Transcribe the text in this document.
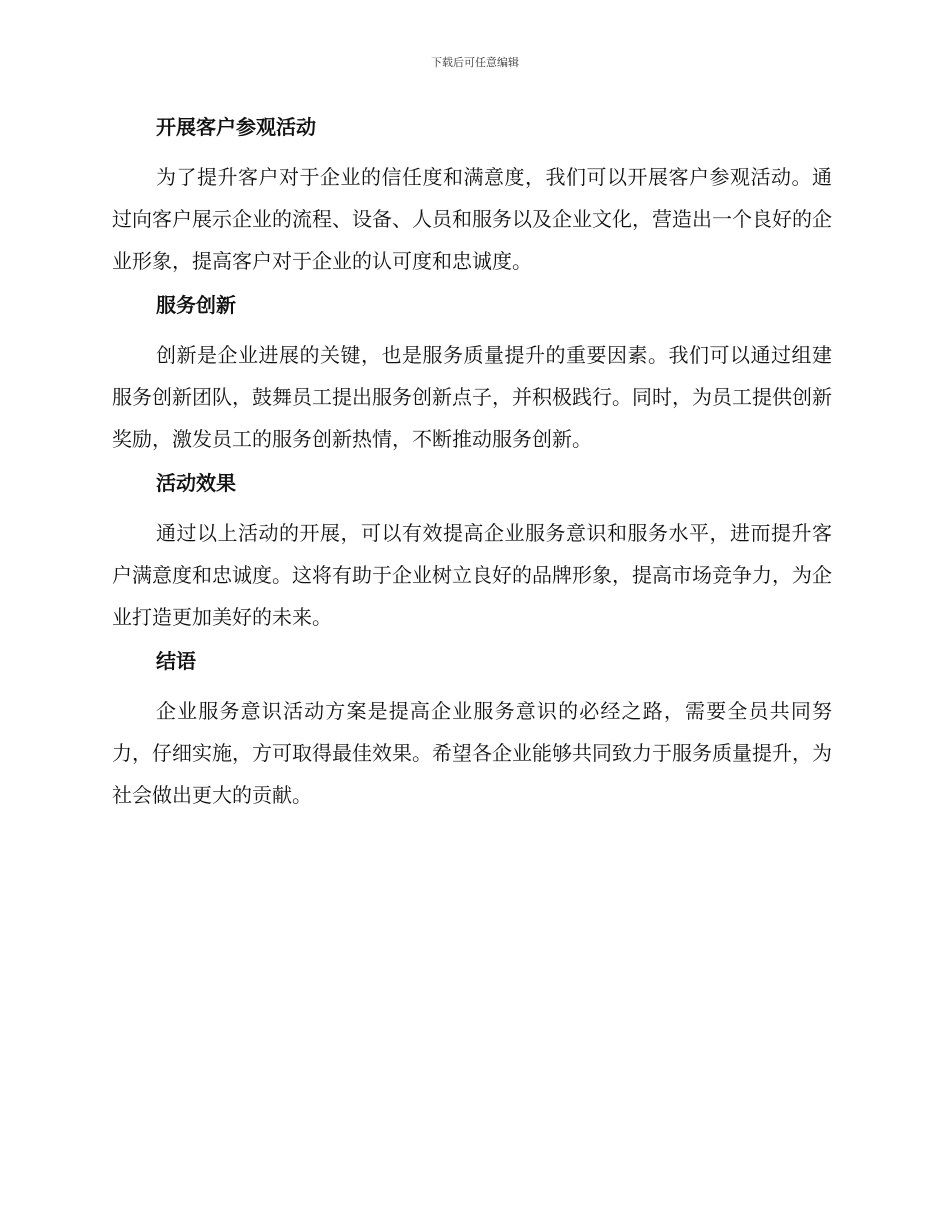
下载后可任意编辑
开展客户参观活动

为了提升客户对于企业的信任度和满意度，我们可以开展客户参观活动。通过向客户展示企业的流程、设备、人员和服务以及企业文化，营造出一个良好的企业形象，提高客户对于企业的认可度和忠诚度。

服务创新

创新是企业进展的关键，也是服务质量提升的重要因素。我们可以通过组建服务创新团队，鼓舞员工提出服务创新点子，并积极践行。同时，为员工提供创新奖励，激发员工的服务创新热情，不断推动服务创新。

活动效果

通过以上活动的开展，可以有效提高企业服务意识和服务水平，进而提升客户满意度和忠诚度。这将有助于企业树立良好的品牌形象，提高市场竞争力，为企业打造更加美好的未来。

结语

企业服务意识活动方案是提高企业服务意识的必经之路，需要全员共同努力，仔细实施，方可取得最佳效果。希望各企业能够共同致力于服务质量提升，为社会做出更大的贡献。
